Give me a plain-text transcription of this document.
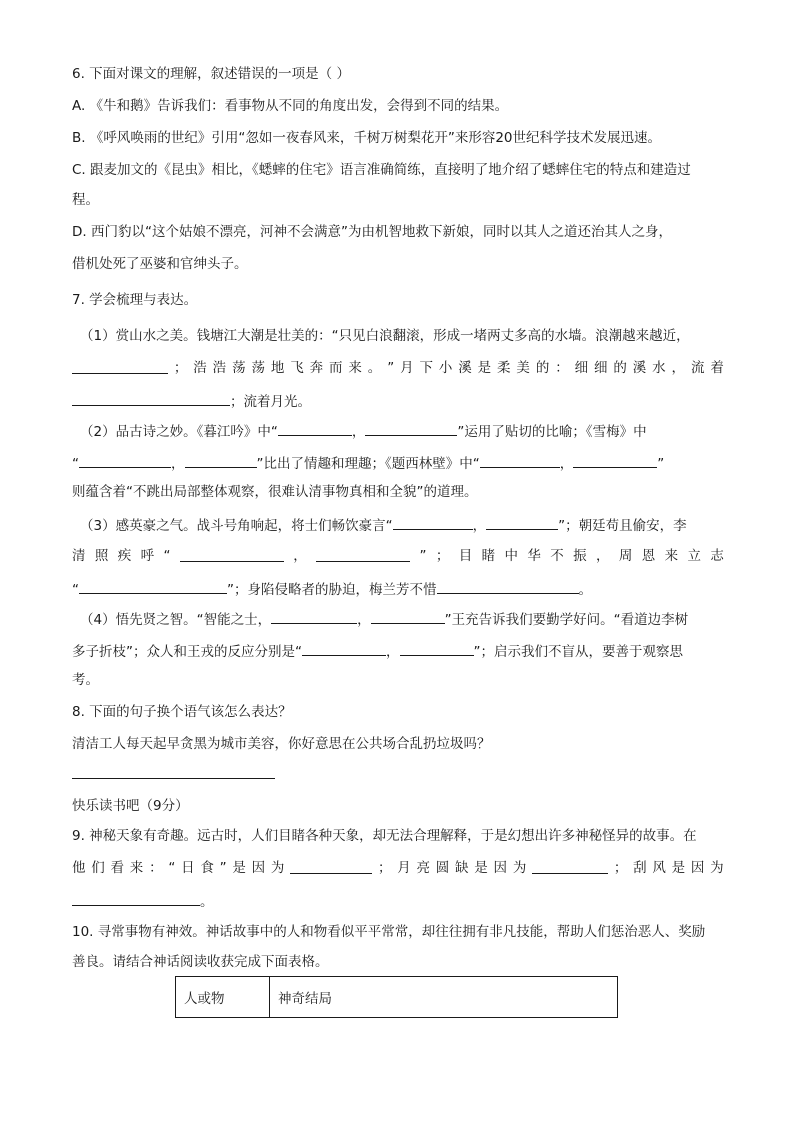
6. 下面对课文的理解，叙述错误的一项是（ ）
A. 《牛和鹅》告诉我们：看事物从不同的角度出发，会得到不同的结果。
B. 《呼风唤雨的世纪》引用“忽如一夜春风来，千树万树梨花开”来形容20世纪科学技术发展迅速。
C. 跟麦加文的《昆虫》相比，《蟋蟀的住宅》语言准确简练，直接明了地介绍了蟋蟀住宅的特点和建造过
程。
D. 西门豹以“这个姑娘不漂亮，河神不会满意”为由机智地救下新娘，同时以其人之道还治其人之身，
借机处死了巫婆和官绅头子。
7. 学会梳理与表达。
（1）赏山水之美。钱塘江大潮是壮美的：“只见白浪翻滚，形成一堵两丈多高的水墙。浪潮越来越近，
； 浩 浩 荡 荡 地 飞 奔 而 来 。 ” 月 下 小 溪 是 柔 美 的 ： 细 细 的 溪 水 ， 流 着
；流着月光。
（2）品古诗之妙。《暮江吟》中“	，	”运用了贴切的比喻；《雪梅》中
“	，	”比出了情趣和理趣；《题西林壁》中“	，	”
则蕴含着“不跳出局部整体观察，很难认清事物真相和全貌”的道理。
（3）感英豪之气。战斗号角响起，将士们畅饮豪言“	，	”；朝廷苟且偷安，李
清 照 疾 呼 “	，	” ； 目 睹 中 华 不 振 ， 周 恩 来 立 志
“	”；身陷侵略者的胁迫，梅兰芳不惜	。
（4）悟先贤之智。“智能之士，	，	”王充告诉我们要勤学好问。“看道边李树
多子折枝”；众人和王戎的反应分别是“	，	”；启示我们不盲从，要善于观察思
考。
8. 下面的句子换个语气该怎么表达？
清洁工人每天起早贪黑为城市美容，你好意思在公共场合乱扔垃圾吗？
快乐读书吧（9分）
9. 神秘天象有奇趣。远古时，人们目睹各种天象，却无法合理解释，于是幻想出许多神秘怪异的故事。在
他 们 看 来 ： “ 日 食 ” 是 因 为	； 月 亮 圆 缺 是 因 为	； 刮 风 是 因 为
。
10. 寻常事物有神效。神话故事中的人和物看似平平常常，却往往拥有非凡技能，帮助人们惩治恶人、奖励
善良。请结合神话阅读收获完成下面表格。
人或物	神奇结局
